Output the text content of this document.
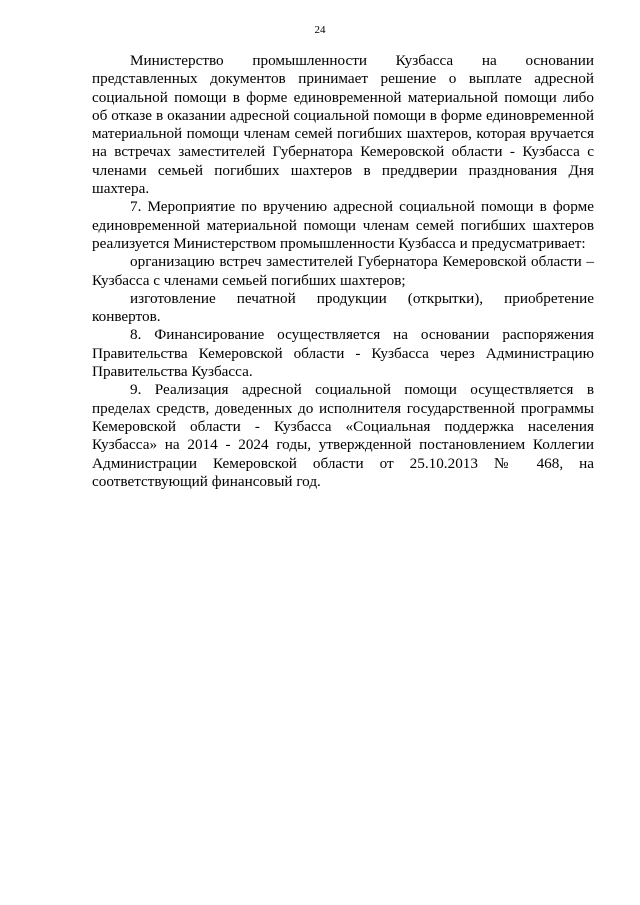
24

Министерство промышленности Кузбасса на основании представленных документов принимает решение о выплате адресной социальной помощи в форме единовременной материальной помощи либо об отказе в оказании адресной социальной помощи в форме единовременной материальной помощи членам семей погибших шахтеров, которая вручается на встречах заместителей Губернатора Кемеровской области - Кузбасса с членами семьей погибших шахтеров в преддверии празднования Дня шахтера.

7. Мероприятие по вручению адресной социальной помощи в форме единовременной материальной помощи членам семей погибших шахтеров реализуется Министерством промышленности Кузбасса и предусматривает:

организацию встреч заместителей Губернатора Кемеровской области – Кузбасса с членами семьей погибших шахтеров;

изготовление печатной продукции (открытки), приобретение конвертов.

8. Финансирование осуществляется на основании распоряжения Правительства Кемеровской области - Кузбасса через Администрацию Правительства Кузбасса.

9. Реализация адресной социальной помощи осуществляется в пределах средств, доведенных до исполнителя государственной программы Кемеровской области - Кузбасса «Социальная поддержка населения Кузбасса» на 2014 - 2024 годы, утвержденной постановлением Коллегии Администрации Кемеровской области от 25.10.2013 № 468, на соответствующий финансовый год.
